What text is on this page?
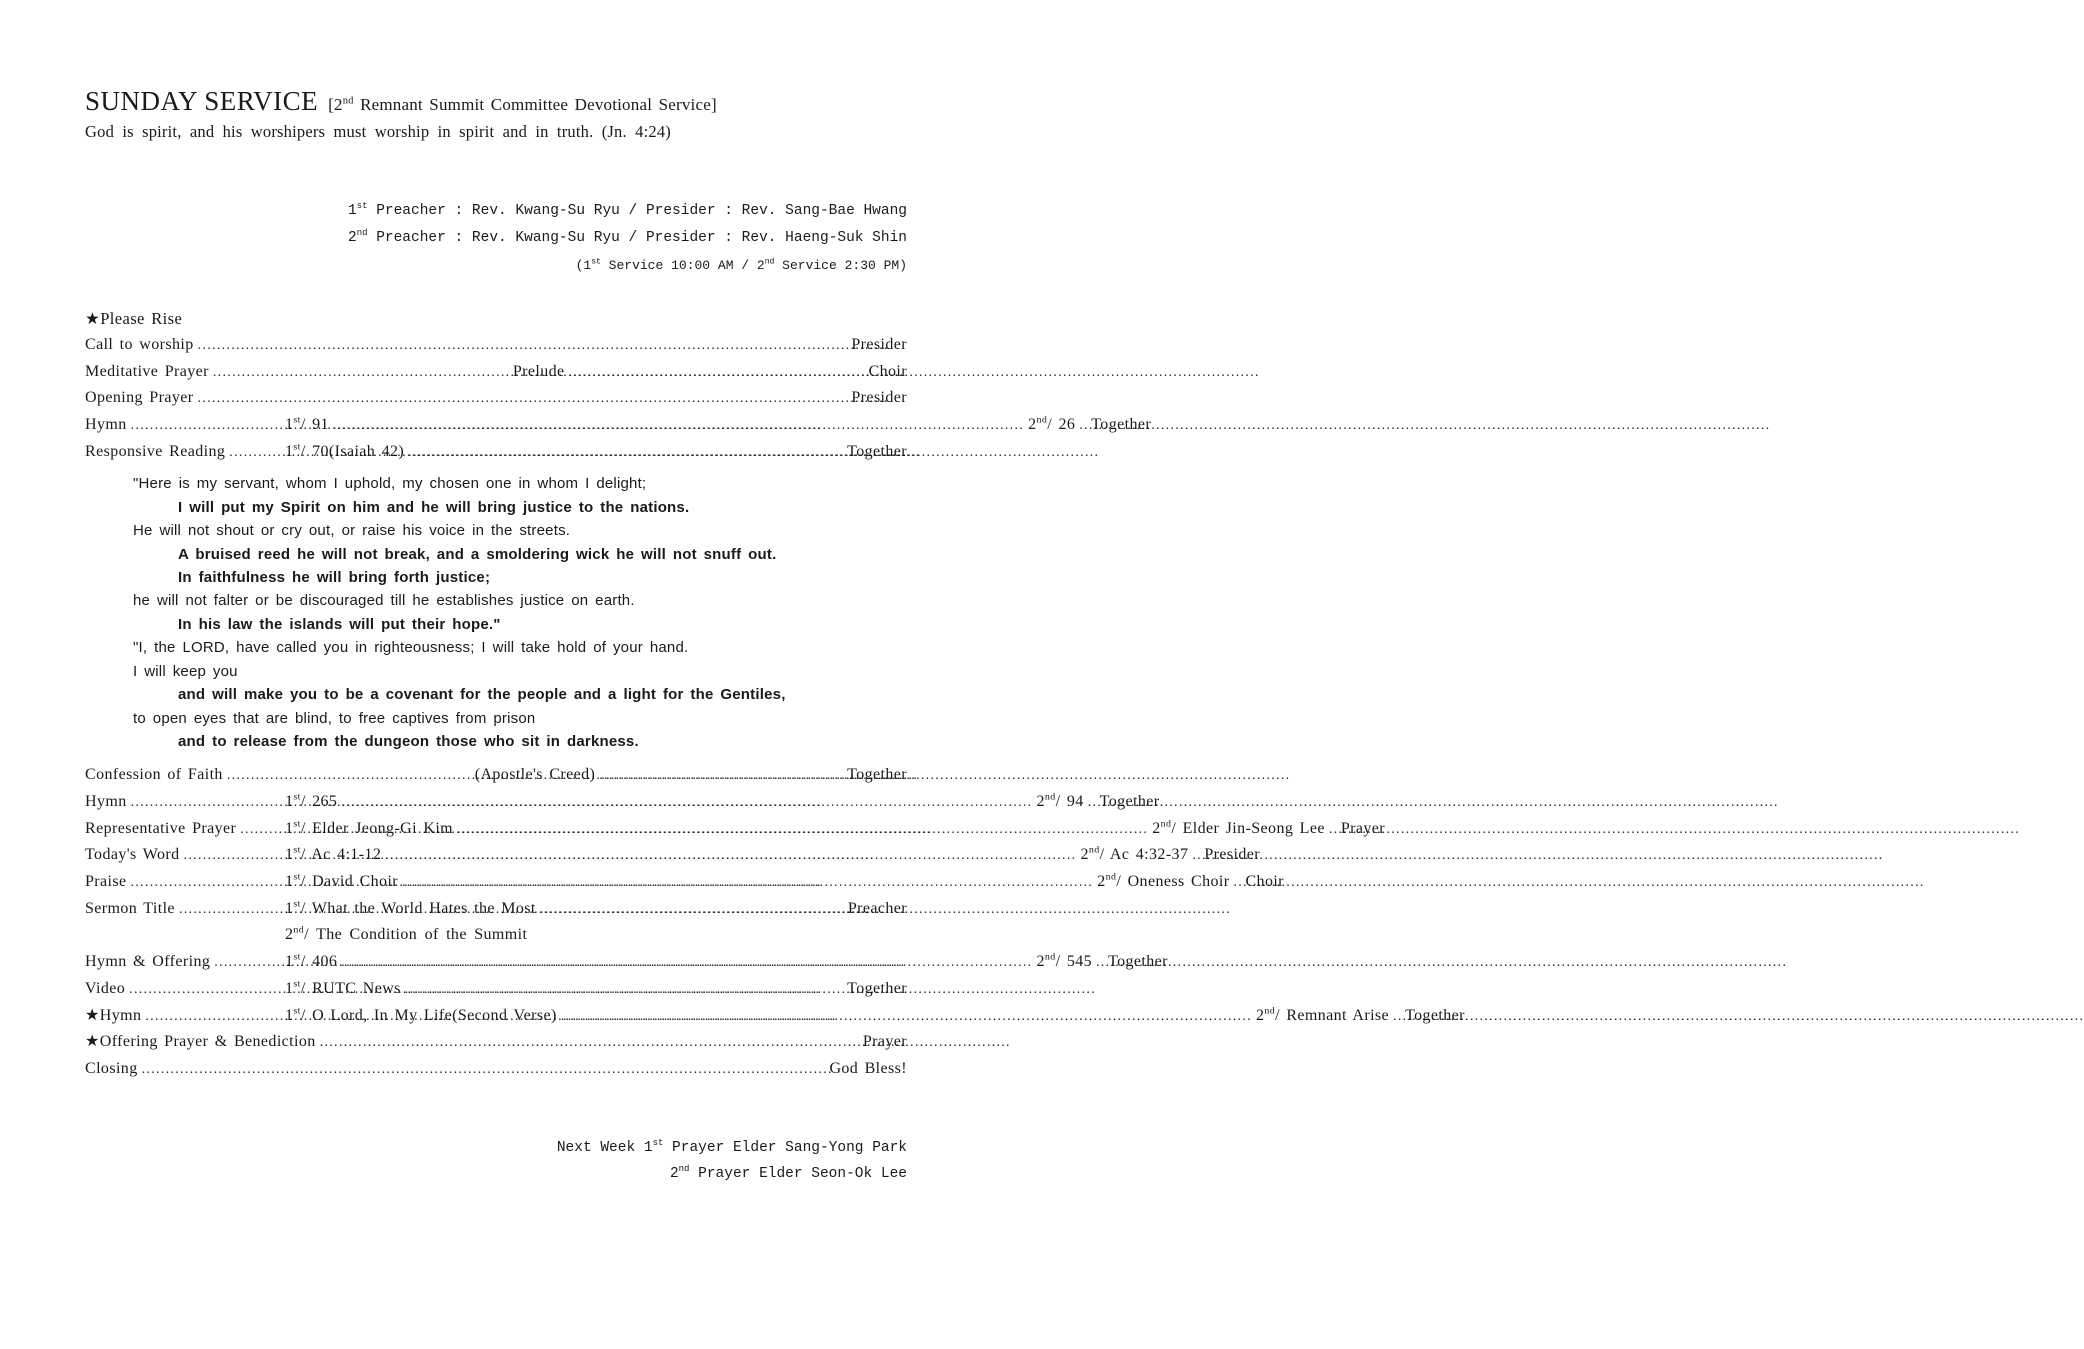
SUNDAY SERVICE [2nd Remnant Summit Committee Devotional Service]
God is spirit, and his worshipers must worship in spirit and in truth. (Jn. 4:24)
1st Preacher : Rev. Kwang-Su Ryu / Presider : Rev. Sang-Bae Hwang
2nd Preacher : Rev. Kwang-Su Ryu / Presider : Rev. Haeng-Suk Shin
(1st Service 10:00 AM / 2nd Service 2:30 PM)
★Please Rise
Call to worship .....	Presider
Meditative Prayer .....	Prelude .....	Choir
Opening Prayer .....	Presider
Hymn .....	1st/ 91 .....	2nd/ 26 ..... Together
Responsive Reading .....	1st/ 70(Isaiah 42) .....	Together
"Here is my servant, whom I uphold, my chosen one in whom I delight;
I will put my Spirit on him and he will bring justice to the nations.
He will not shout or cry out, or raise his voice in the streets.
A bruised reed he will not break, and a smoldering wick he will not snuff out.
In faithfulness he will bring forth justice;
he will not falter or be discouraged till he establishes justice on earth.
In his law the islands will put their hope."
"I, the LORD, have called you in righteousness; I will take hold of your hand.
I will keep you
and will make you to be a covenant for the people and a light for the Gentiles,
to open eyes that are blind, to free captives from prison
and to release from the dungeon those who sit in darkness.
Confession of Faith .....	(Apostle's Creed) .....	Together
Hymn .....	1st/ 265 .....	2nd/ 94 ..... Together
Representative Prayer .....	1st/ Elder Jeong-Gi Kim .....	2nd/ Elder Jin-Seong Lee ..... Prayer
Today's Word .....	1st/ Ac 4:1-12 .....	2nd/ Ac 4:32-37 ..... Presider
Praise .....	1st/ David Choir .....	2nd/ Oneness Choir ..... Choir
Sermon Title .....	1st/ What the World Hates the Most .....	Preacher
2nd/ The Condition of the Summit
Hymn & Offering .....	1st/ 406 .....	2nd/ 545 ..... Together
Video .....	1st/ RUTC News .....	Together
★Hymn .....	1st/ O Lord, In My Life(Second Verse) .....	2nd/ Remnant Arise ..... Together
★Offering Prayer & Benediction .....	Prayer
Closing .....	God Bless!
Next Week 1st Prayer Elder Sang-Yong Park
2nd Prayer Elder Seon-Ok Lee
